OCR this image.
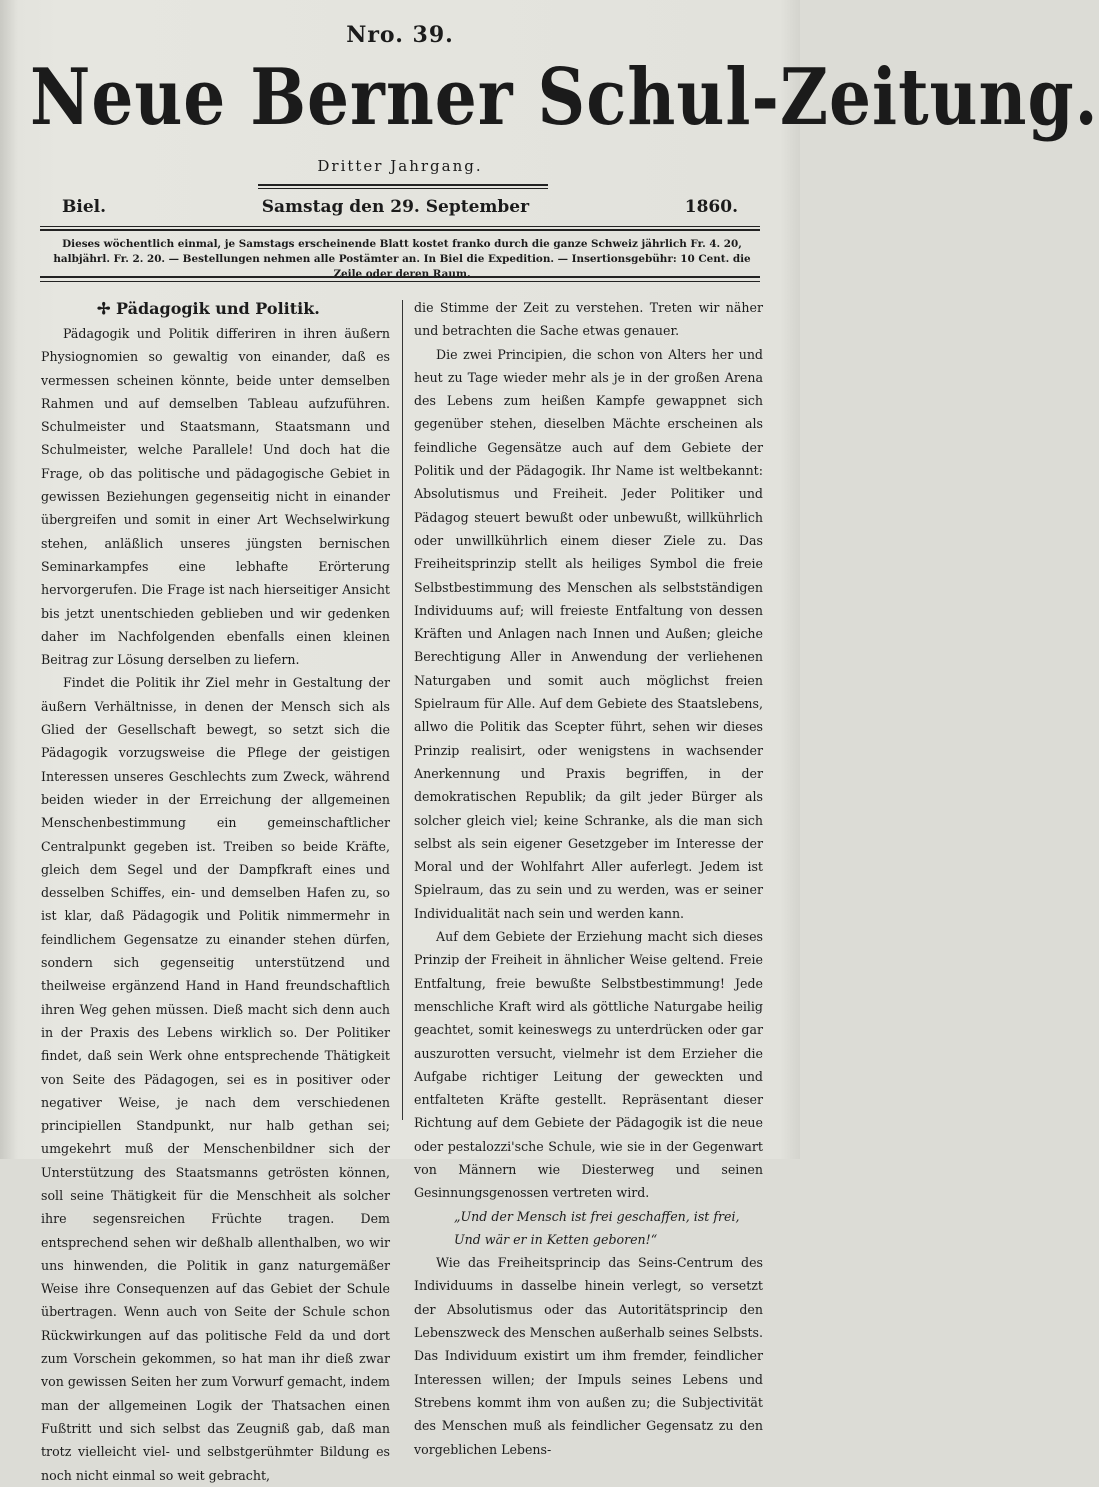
Nro. 39.
Neue Berner Schul-Zeitung.
Dritter Jahrgang.
Biel.	Samstag den 29. September	1860.
Dieses wöchentlich einmal, je Samstags erscheinende Blatt kostet franko durch die ganze Schweiz jährlich Fr. 4. 20, halbjährl. Fr. 2. 20. — Bestellungen nehmen alle Postämter an. In Biel die Expedition. — Insertionsgebühr: 10 Cent. die Zeile oder deren Raum.
✢ Pädagogik und Politik.

Pädagogik und Politik differiren in ihren äußern Physiognomien so gewaltig von einander, daß es vermessen scheinen könnte, beide unter demselben Rahmen und auf demselben Tableau aufzuführen. Schulmeister und Staatsmann, Staatsmann und Schulmeister, welche Parallele! Und doch hat die Frage, ob das politische und pädagogische Gebiet in gewissen Beziehungen gegenseitig nicht in einander übergreifen und somit in einer Art Wechselwirkung stehen, anläßlich unseres jüngsten bernischen Seminarkampfes eine lebhafte Erörterung hervorgerufen. Die Frage ist nach hierseitiger Ansicht bis jetzt unentschieden geblieben und wir gedenken daher im Nachfolgenden ebenfalls einen kleinen Beitrag zur Lösung derselben zu liefern.

Findet die Politik ihr Ziel mehr in Gestaltung der äußern Verhältnisse, in denen der Mensch sich als Glied der Gesellschaft bewegt, so setzt sich die Pädagogik vorzugsweise die Pflege der geistigen Interessen unseres Geschlechts zum Zweck, während beiden wieder in der Erreichung der allgemeinen Menschenbestimmung ein gemeinschaftlicher Centralpunkt gegeben ist. Treiben so beide Kräfte, gleich dem Segel und der Dampfkraft eines und desselben Schiffes, ein- und demselben Hafen zu, so ist klar, daß Pädagogik und Politik nimmermehr in feindlichem Gegensatze zu einander stehen dürfen, sondern sich gegenseitig unterstützend und theilweise ergänzend Hand in Hand freundschaftlich ihren Weg gehen müssen. Dieß macht sich denn auch in der Praxis des Lebens wirklich so. Der Politiker findet, daß sein Werk ohne entsprechende Thätigkeit von Seite des Pädagogen, sei es in positiver oder negativer Weise, je nach dem verschiedenen principiellen Standpunkt, nur halb gethan sei; umgekehrt muß der Menschenbildner sich der Unterstützung des Staatsmanns getrösten können, soll seine Thätigkeit für die Menschheit als solcher ihre segensreichen Früchte tragen. Dem entsprechend sehen wir deßhalb allenthalben, wo wir uns hinwenden, die Politik in ganz naturgemäßer Weise ihre Consequenzen auf das Gebiet der Schule übertragen. Wenn auch von Seite der Schule schon Rückwirkungen auf das politische Feld da und dort zum Vorschein gekommen, so hat man ihr dieß zwar von gewissen Seiten her zum Vorwurf gemacht, indem man der allgemeinen Logik der Thatsachen einen Fußtritt und sich selbst das Zeugniß gab, daß man trotz vielleicht viel- und selbstgerühmter Bildung es noch nicht einmal so weit gebracht,

die Stimme der Zeit zu verstehen. Treten wir näher und betrachten die Sache etwas genauer.

Die zwei Principien, die schon von Alters her und heut zu Tage wieder mehr als je in der großen Arena des Lebens zum heißen Kampfe gewappnet sich gegenüber stehen, dieselben Mächte erscheinen als feindliche Gegensätze auch auf dem Gebiete der Politik und der Pädagogik. Ihr Name ist weltbekannt: Absolutismus und Freiheit. Jeder Politiker und Pädagog steuert bewußt oder unbewußt, willkührlich oder unwillkührlich einem dieser Ziele zu. Das Freiheitsprinzip stellt als heiliges Symbol die freie Selbstbestimmung des Menschen als selbstständigen Individuums auf; will freieste Entfaltung von dessen Kräften und Anlagen nach Innen und Außen; gleiche Berechtigung Aller in Anwendung der verliehenen Naturgaben und somit auch möglichst freien Spielraum für Alle. Auf dem Gebiete des Staatslebens, allwo die Politik das Scepter führt, sehen wir dieses Prinzip realisirt, oder wenigstens in wachsender Anerkennung und Praxis begriffen, in der demokratischen Republik; da gilt jeder Bürger als solcher gleich viel; keine Schranke, als die man sich selbst als sein eigener Gesetzgeber im Interesse der Moral und der Wohlfahrt Aller auferlegt. Jedem ist Spielraum, das zu sein und zu werden, was er seiner Individualität nach sein und werden kann.

Auf dem Gebiete der Erziehung macht sich dieses Prinzip der Freiheit in ähnlicher Weise geltend. Freie Entfaltung, freie bewußte Selbstbestimmung! Jede menschliche Kraft wird als göttliche Naturgabe heilig geachtet, somit keineswegs zu unterdrücken oder gar auszurotten versucht, vielmehr ist dem Erzieher die Aufgabe richtiger Leitung der geweckten und entfalteten Kräfte gestellt. Repräsentant dieser Richtung auf dem Gebiete der Pädagogik ist die neue oder pestalozzi'sche Schule, wie sie in der Gegenwart von Männern wie Diesterweg und seinen Gesinnungsgenossen vertreten wird.

„Und der Mensch ist frei geschaffen, ist frei,
Und wär er in Ketten geboren!“

Wie das Freiheitsprincip das Seins-Centrum des Individuums in dasselbe hinein verlegt, so versetzt der Absolutismus oder das Autoritätsprincip den Lebenszweck des Menschen außerhalb seines Selbsts. Das Individuum existirt um ihm fremder, feindlicher Interessen willen; der Impuls seines Lebens und Strebens kommt ihm von außen zu; die Subjectivität des Menschen muß als feindlicher Gegensatz zu den vorgeblichen Lebens-
